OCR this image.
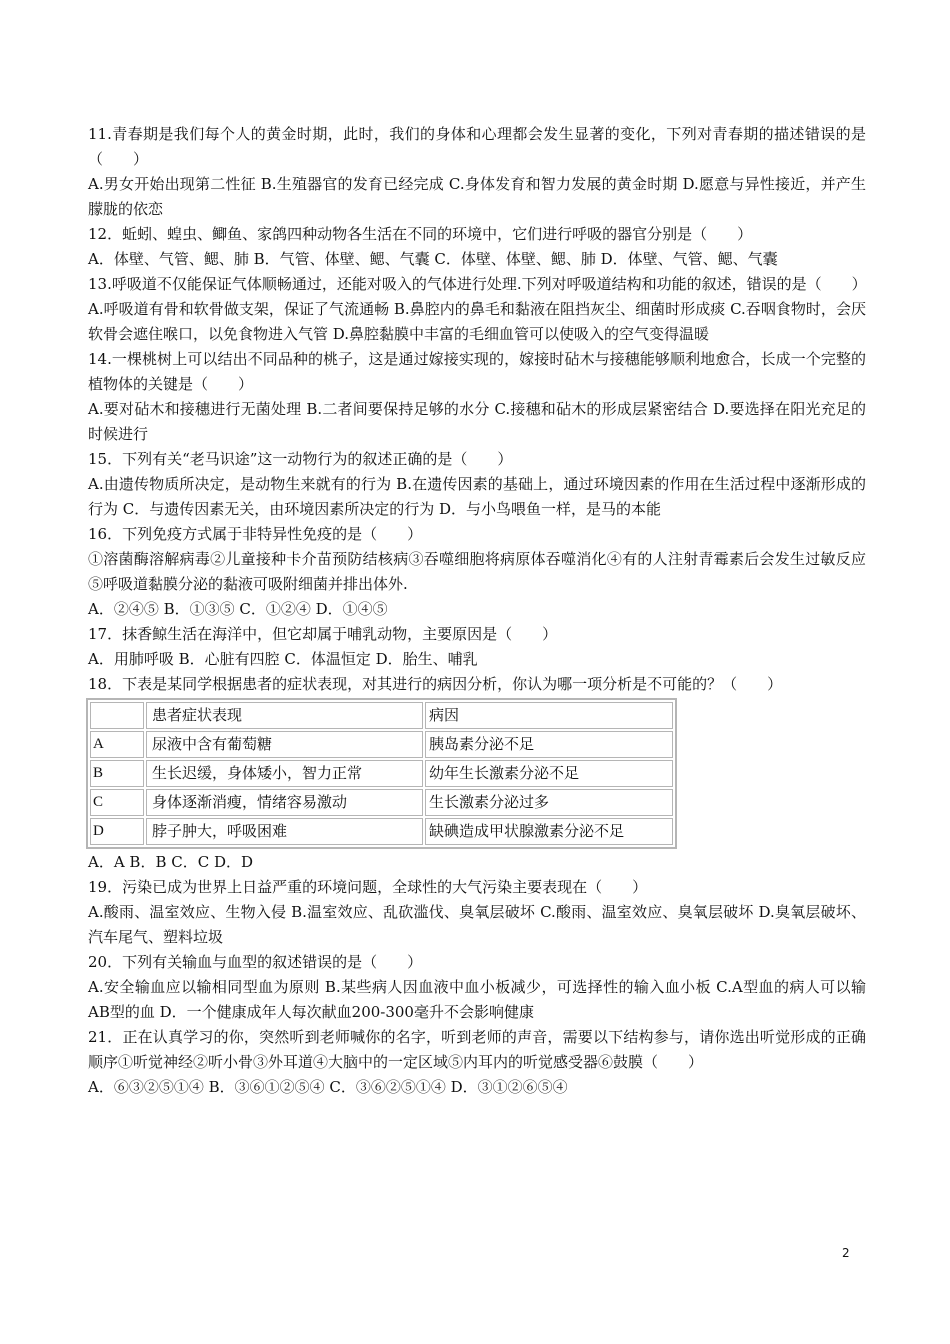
11.青春期是我们每个人的黄金时期，此时，我们的身体和心理都会发生显著的变化，下列对青春期的描述错误的是（　　）

A.男女开始出现第二性征 B.生殖器官的发育已经完成 C.身体发育和智力发展的黄金时期 D.愿意与异性接近，并产生朦胧的依恋

12．蚯蚓、蝗虫、鲫鱼、家鸽四种动物各生活在不同的环境中，它们进行呼吸的器官分别是（　　）

A．体壁、气管、鳃、肺 B．气管、体壁、鳃、气囊 C．体壁、体壁、鳃、肺 D．体壁、气管、鳃、气囊

13.呼吸道不仅能保证气体顺畅通过，还能对吸入的气体进行处理.下列对呼吸道结构和功能的叙述，错误的是（　　）

A.呼吸道有骨和软骨做支架，保证了气流通畅 B.鼻腔内的鼻毛和黏液在阻挡灰尘、细菌时形成痰 C.吞咽食物时，会厌软骨会遮住喉口，以免食物进入气管 D.鼻腔黏膜中丰富的毛细血管可以使吸入的空气变得温暖

14.一棵桃树上可以结出不同品种的桃子，这是通过嫁接实现的，嫁接时砧木与接穗能够顺利地愈合，长成一个完整的植物体的关键是（　　）

A.要对砧木和接穗进行无菌处理 B.二者间要保持足够的水分 C.接穗和砧木的形成层紧密结合 D.要选择在阳光充足的时候进行

15．下列有关“老马识途”这一动物行为的叙述正确的是（　　）

A.由遗传物质所决定，是动物生来就有的行为 B.在遗传因素的基础上，通过环境因素的作用在生活过程中逐渐形成的行为 C．与遗传因素无关，由环境因素所决定的行为 D．与小鸟喂鱼一样，是马的本能

16．下列免疫方式属于非特异性免疫的是（　　）

①溶菌酶溶解病毒②儿童接种卡介苗预防结核病③吞噬细胞将病原体吞噬消化④有的人注射青霉素后会发生过敏反应⑤呼吸道黏膜分泌的黏液可吸附细菌并排出体外.

A．②④⑤ B．①③⑤ C．①②④ D．①④⑤

17．抹香鲸生活在海洋中，但它却属于哺乳动物，主要原因是（　　）

A．用肺呼吸 B．心脏有四腔 C．体温恒定 D．胎生、哺乳

18．下表是某同学根据患者的症状表现，对其进行的病因分析，你认为哪一项分析是不可能的？（　　）

	患者症状表现	病因
A	尿液中含有葡萄糖	胰岛素分泌不足
B	生长迟缓，身体矮小，智力正常	幼年生长激素分泌不足
C	身体逐渐消瘦，情绪容易激动	生长激素分泌过多
D	脖子肿大，呼吸困难	缺碘造成甲状腺激素分泌不足

A．A B．B C．C D．D

19．污染已成为世界上日益严重的环境问题，全球性的大气污染主要表现在（　　）

A.酸雨、温室效应、生物入侵 B.温室效应、乱砍滥伐、臭氧层破坏 C.酸雨、温室效应、臭氧层破坏 D.臭氧层破坏、汽车尾气、塑料垃圾

20．下列有关输血与血型的叙述错误的是（　　）

A.安全输血应以输相同型血为原则 B.某些病人因血液中血小板减少，可选择性的输入血小板 C.A型血的病人可以输AB型的血 D．一个健康成年人每次献血200-300毫升不会影响健康

21．正在认真学习的你，突然听到老师喊你的名字，听到老师的声音，需要以下结构参与，请你选出听觉形成的正确顺序①听觉神经②听小骨③外耳道④大脑中的一定区域⑤内耳内的听觉感受器⑥鼓膜（　　）

A．⑥③②⑤①④ B．③⑥①②⑤④ C．③⑥②⑤①④ D．③①②⑥⑤④

2
